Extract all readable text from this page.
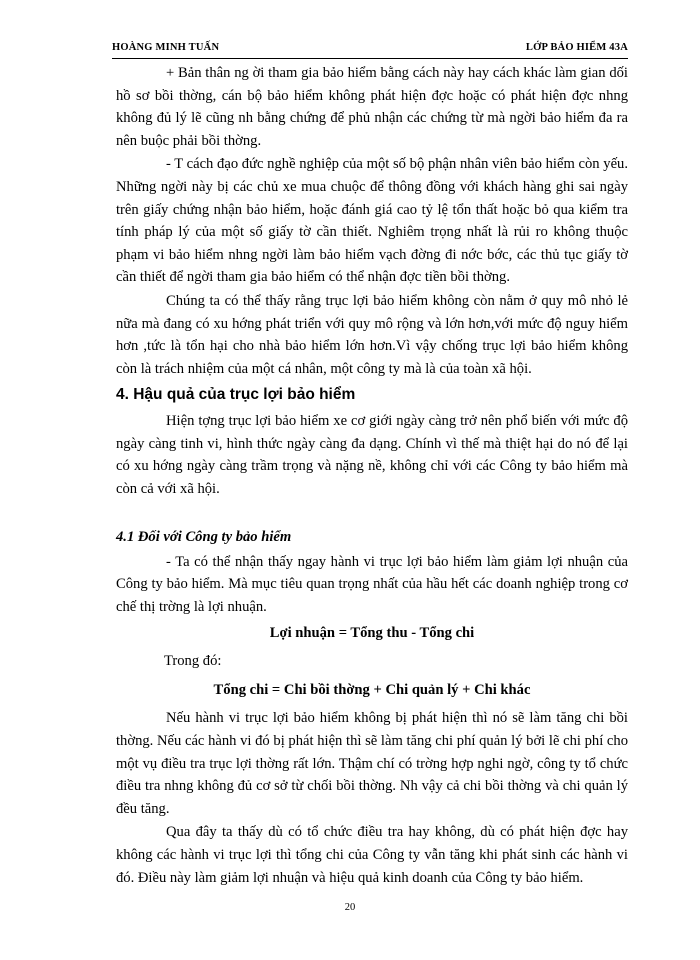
HOÀNG MINH TUẤN	LỚP BẢO HIỂM 43A

+ Bản thân ng ời tham gia bảo hiểm bằng cách này hay cách khác làm gian dối hồ sơ bồi thờng, cán bộ bảo hiểm không phát hiện đợc hoặc có phát hiện đợc nhng không đủ lý lẽ cũng nh bằng chứng để phủ nhận các chứng từ mà ngời bảo hiểm đa ra nên buộc phải bồi thờng.

- T cách đạo đức nghề nghiệp của một số bộ phận nhân viên bảo hiểm còn yếu. Những ngời này bị các chủ xe mua chuộc để thông đồng với khách hàng ghi sai ngày trên giấy chứng nhận bảo hiểm, hoặc đánh giá cao tỷ lệ tổn thất hoặc bỏ qua kiểm tra tính pháp lý của một số giấy tờ cần thiết. Nghiêm trọng nhất là rủi ro không thuộc phạm vi bảo hiểm nhng ngời làm bảo hiểm vạch đờng đi nớc bớc, các thủ tục giấy tờ cần thiết để ngời tham gia bảo hiểm có thể nhận đợc tiền bồi thờng.

Chúng ta có thể thấy rằng trục lợi bảo hiểm không còn nằm ở quy mô nhỏ lẻ nữa mà đang có xu hớng phát triển với quy mô rộng và lớn hơn,với mức độ nguy hiểm hơn ,tức là tổn hại cho nhà bảo hiểm lớn hơn.Vì vậy chống trục lợi bảo hiểm không còn là trách nhiệm của một cá nhân, một công ty mà là của toàn xã hội.

4. Hậu quả của trục lợi bảo hiểm

Hiện tợng trục lợi bảo hiểm xe cơ giới ngày càng trở nên phổ biến với mức độ ngày càng tinh vi, hình thức ngày càng đa dạng. Chính vì thế mà thiệt hại do nó để lại có xu hớng ngày càng trầm trọng và nặng nề, không chỉ với các Công ty bảo hiểm mà còn cả với xã hội.

4.1 Đối với Công ty bảo hiểm

- Ta có thể nhận thấy ngay hành vi trục lợi bảo hiểm làm giảm lợi nhuận của Công ty bảo hiểm. Mà mục tiêu quan trọng nhất của hầu hết các doanh nghiệp trong cơ chế thị trờng là lợi nhuận.

Lợi nhuận = Tổng thu - Tổng chi

Trong đó:

Tổng chi = Chi bồi thờng + Chi quản lý + Chi khác

Nếu hành vi trục lợi bảo hiểm không bị phát hiện thì nó sẽ làm tăng chi bồi thờng. Nếu các hành vi đó bị phát hiện thì sẽ làm tăng chi phí quản lý bởi lẽ chi phí cho một vụ điều tra trục lợi thờng rất lớn. Thậm chí có trờng hợp nghi ngờ, công ty tổ chức điều tra nhng không đủ cơ sở từ chối bồi thờng. Nh vậy cả chi bồi thờng và chi quản lý đều tăng.

Qua đây ta thấy dù có tổ chức điều tra hay không, dù có phát hiện đợc hay không các hành vi trục lợi thì tổng chi của Công ty vẫn tăng khi phát sinh các hành vi đó. Điều này làm giảm lợi nhuận và hiệu quả kinh doanh của Công ty bảo hiểm.

20
